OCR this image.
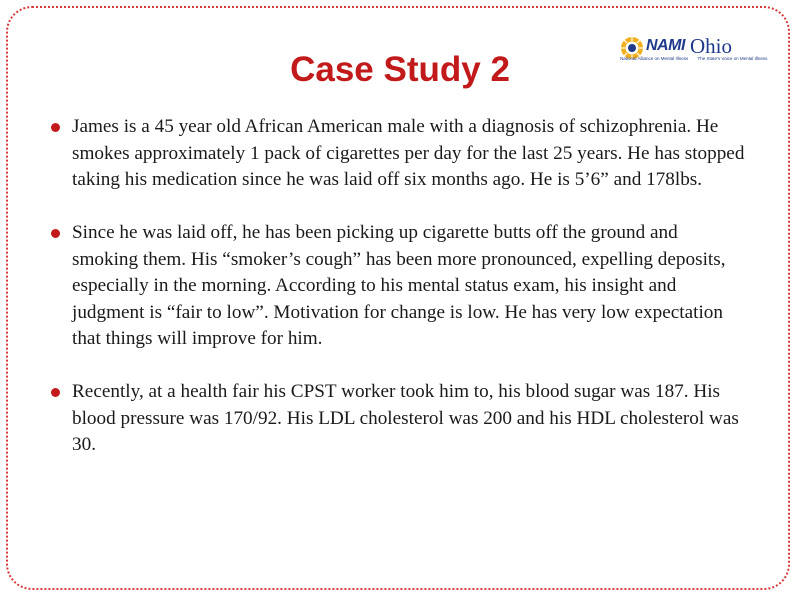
Case Study 2
NAMI Ohio
National Alliance on Mental Illness The State's Voice on Mental Illness
James is a 45 year old African American male with a diagnosis of schizophrenia. He smokes approximately 1 pack of cigarettes per day for the last 25 years. He has stopped taking his medication since he was laid off six months ago. He is 5’6” and 178lbs.
Since he was laid off, he has been picking up cigarette butts off the ground and smoking them. His “smoker’s cough” has been more pronounced, expelling deposits, especially in the morning. According to his mental status exam, his insight and judgment is “fair to low”. Motivation for change is low. He has very low expectation that things will improve for him.
Recently, at a health fair his CPST worker took him to, his blood sugar was 187. His blood pressure was 170/92. His LDL cholesterol was 200 and his HDL cholesterol was 30.
